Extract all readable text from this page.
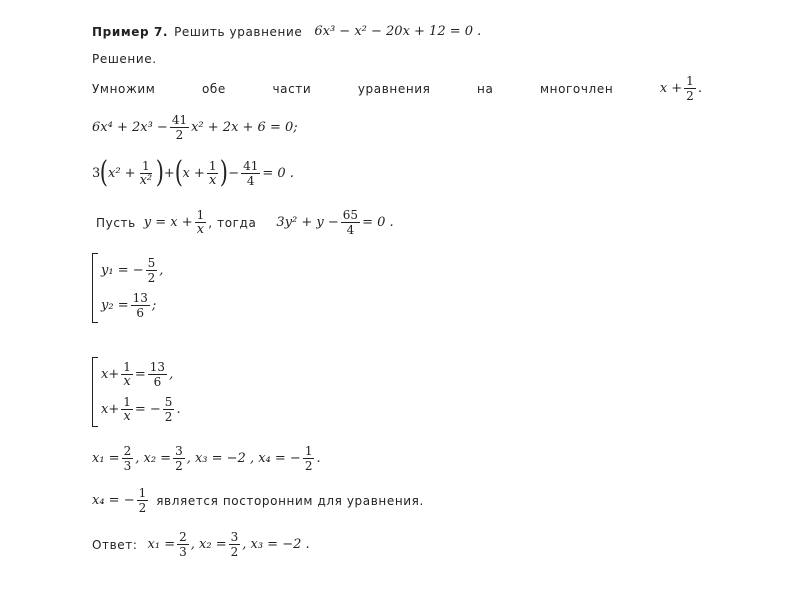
Пример 7. Решить уравнение 6x³ − x² − 20x + 12 = 0 .
Решение.
Умножим	обе	части	уравнения	на	многочлен	$x + \frac{1}{2}$ .
$6x^4 + 2x^3 - \frac{41}{2} x^2 + 2x + 6 = 0$;
3 ( $x^2 + \frac{1}{\text{x²}}$ ) + ( $x + \frac{1}{x}$ ) − $\frac{41}{4} = 0$ .
Пусть $y = x + \frac{1}{x}$ , тогда $3y^2 + y - \frac{65}{4} = 0$ .
y₁ = − $\frac{5}{2}$ ,
$y_2 = \frac{13}{6}$ ;
$x+ \frac{1}{x} = \frac{13}{6}$ ,
$x+ \frac{1}{x}$ = − $\frac{5}{2}$ .
$x_1 = \frac{2}{3}$ , $x_2 = \frac{3}{2}$ , x₃ = −2 , x₄ = − $\frac{1}{2}$ .
x₄ = − $\frac{1}{2}$ является посторонним для уравнения.
Ответ: $x_1 = \frac{2}{3}$ , $x_2 = \frac{3}{2}$ , x₃ = −2 .
